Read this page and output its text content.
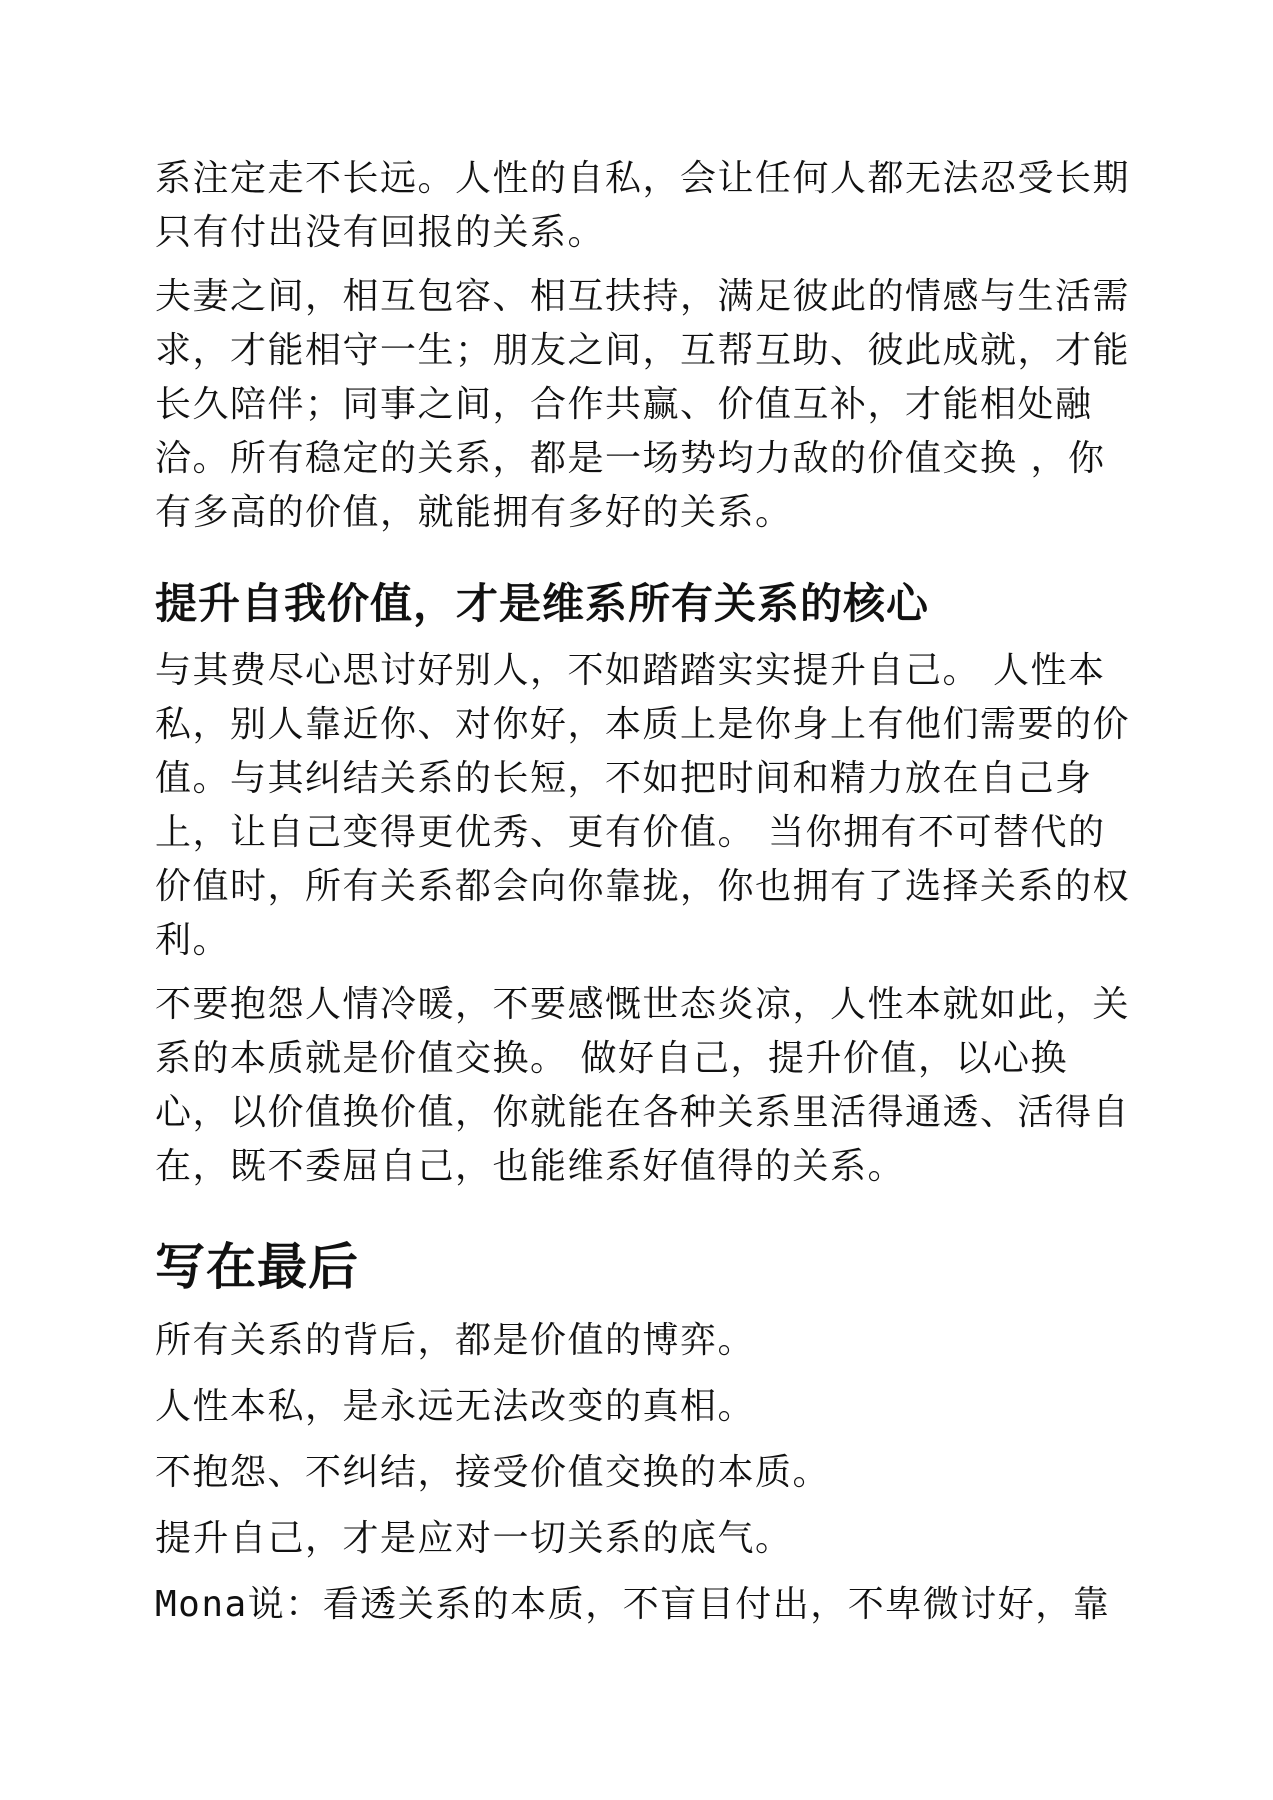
系注定走不长远。人性的自私，会让任何人都无法忍受长期只有付出没有回报的关系。

夫妻之间，相互包容、相互扶持，满足彼此的情感与生活需求，才能相守一生；朋友之间，互帮互助、彼此成就，才能长久陪伴；同事之间，合作共赢、价值互补，才能相处融洽。所有稳定的关系，都是一场势均力敌的价值交换 ，你有多高的价值，就能拥有多好的关系。

提升自我价值，才是维系所有关系的核心

与其费尽心思讨好别人，不如踏踏实实提升自己。 人性本私，别人靠近你、对你好，本质上是你身上有他们需要的价值。与其纠结关系的长短，不如把时间和精力放在自己身上，让自己变得更优秀、更有价值。 当你拥有不可替代的价值时，所有关系都会向你靠拢，你也拥有了选择关系的权利。

不要抱怨人情冷暖，不要感慨世态炎凉，人性本就如此，关系的本质就是价值交换。 做好自己，提升价值，以心换心，以价值换价值，你就能在各种关系里活得通透、活得自在，既不委屈自己，也能维系好值得的关系。

写在最后

所有关系的背后，都是价值的博弈。

人性本私，是永远无法改变的真相。

不抱怨、不纠结，接受价值交换的本质。

提升自己，才是应对一切关系的底气。

Mona说：看透关系的本质，不盲目付出，不卑微讨好，靠
